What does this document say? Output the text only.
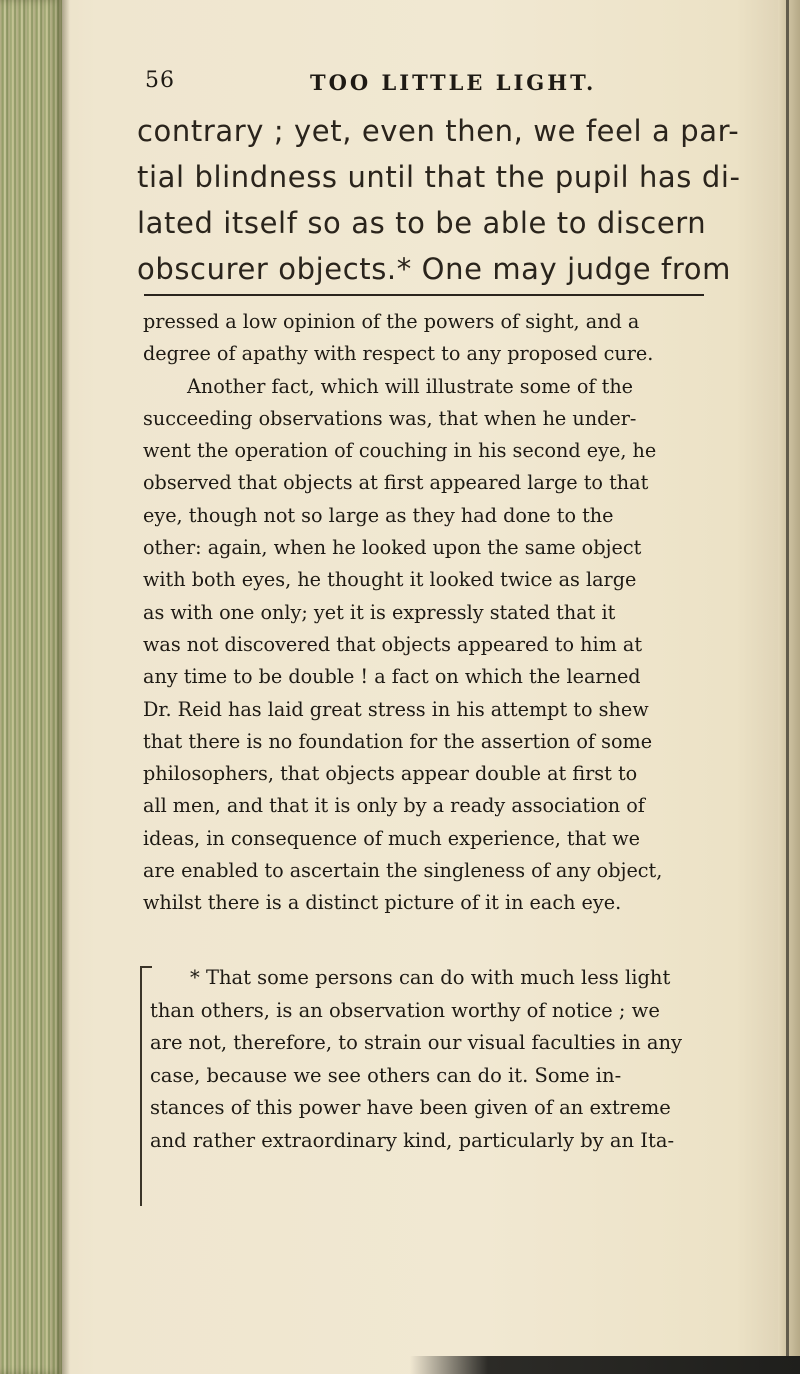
56	TOO LITTLE LIGHT.
contrary ; yet, even then, we feel a par-
tial blindness until that the pupil has di-
lated itself so as to be able to discern
obscurer objects.* One may judge from
pressed a low opinion of the powers of sight, and a
degree of apathy with respect to any proposed cure.
Another fact, which will illustrate some of the
succeeding observations was, that when he under-
went the operation of couching in his second eye, he
observed that objects at first appeared large to that
eye, though not so large as they had done to the
other: again, when he looked upon the same object
with both eyes, he thought it looked twice as large
as with one only; yet it is expressly stated that it
was not discovered that objects appeared to him at
any time to be double ! a fact on which the learned
Dr. Reid has laid great stress in his attempt to shew
that there is no foundation for the assertion of some
philosophers, that objects appear double at first to
all men, and that it is only by a ready association of
ideas, in consequence of much experience, that we
are enabled to ascertain the singleness of any object,
whilst there is a distinct picture of it in each eye.
* That some persons can do with much less light
than others, is an observation worthy of notice ; we
are not, therefore, to strain our visual faculties in any
case, because we see others can do it. Some in-
stances of this power have been given of an extreme
and rather extraordinary kind, particularly by an Ita-
